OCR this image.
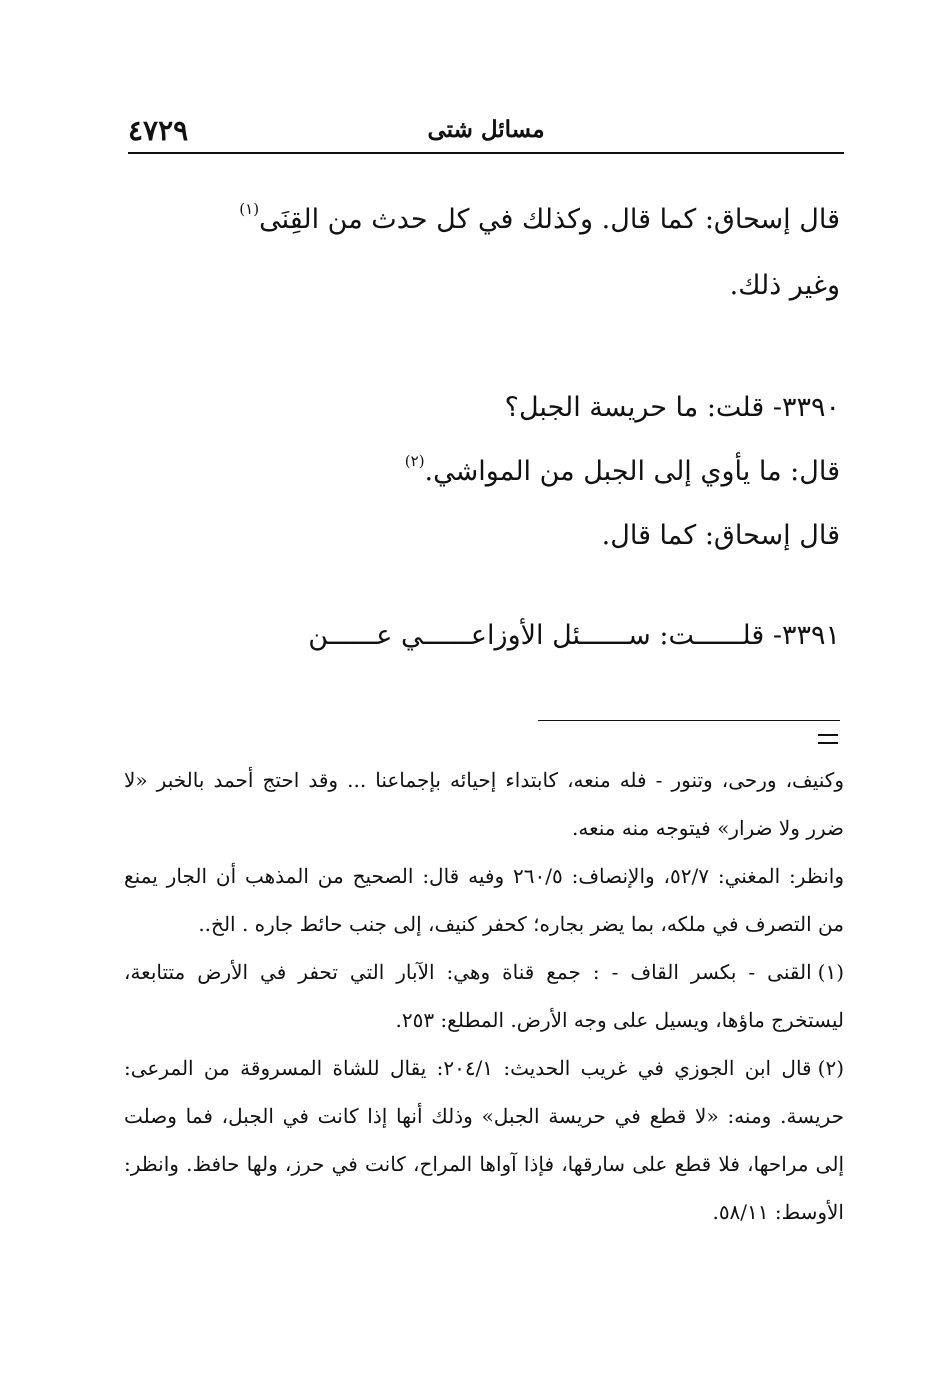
٤٧٢٩	مسائل شتى
قال إسحاق: كما قال. وكذلك في كل حدث من القِنَى$^{(١)}$
وغير ذلك.
٣٣٩٠- قلت: ما حريسة الجبل؟
قال: ما يأوي إلى الجبل من المواشي.$^{(٢)}$
قال إسحاق: كما قال.
٣٣٩١- قلــــــت: ســــــئل الأوزاعــــــي عــــــن

وكنيف، ورحى، وتنور - فله منعه، كابتداء إحيائه بإجماعنا ... وقد احتج أحمد بالخبر «لا ضرر ولا ضرار» فيتوجه منه منعه.

وانظر: المغني: ٥٢/٧، والإنصاف: ٢٦٠/٥ وفيه قال: الصحيح من المذهب أن الجار يمنع من التصرف في ملكه، بما يضر بجاره؛ كحفر كنيف، إلى جنب حائط جاره . الخ..

(١)القنى - بكسر القاف - : جمع قناة وهي: الآبار التي تحفر في الأرض متتابعة، ليستخرج ماؤها، ويسيل على وجه الأرض. المطلع: ٢٥٣.

(٢)قال ابن الجوزي في غريب الحديث: ٢٠٤/١: يقال للشاة المسروقة من المرعى: حريسة. ومنه: «لا قطع في حريسة الجبل» وذلك أنها إذا كانت في الجبل، فما وصلت إلى مراحها، فلا قطع على سارقها، فإذا آواها المراح، كانت في حرز، ولها حافظ. وانظر: الأوسط: ٥٨/١١.
